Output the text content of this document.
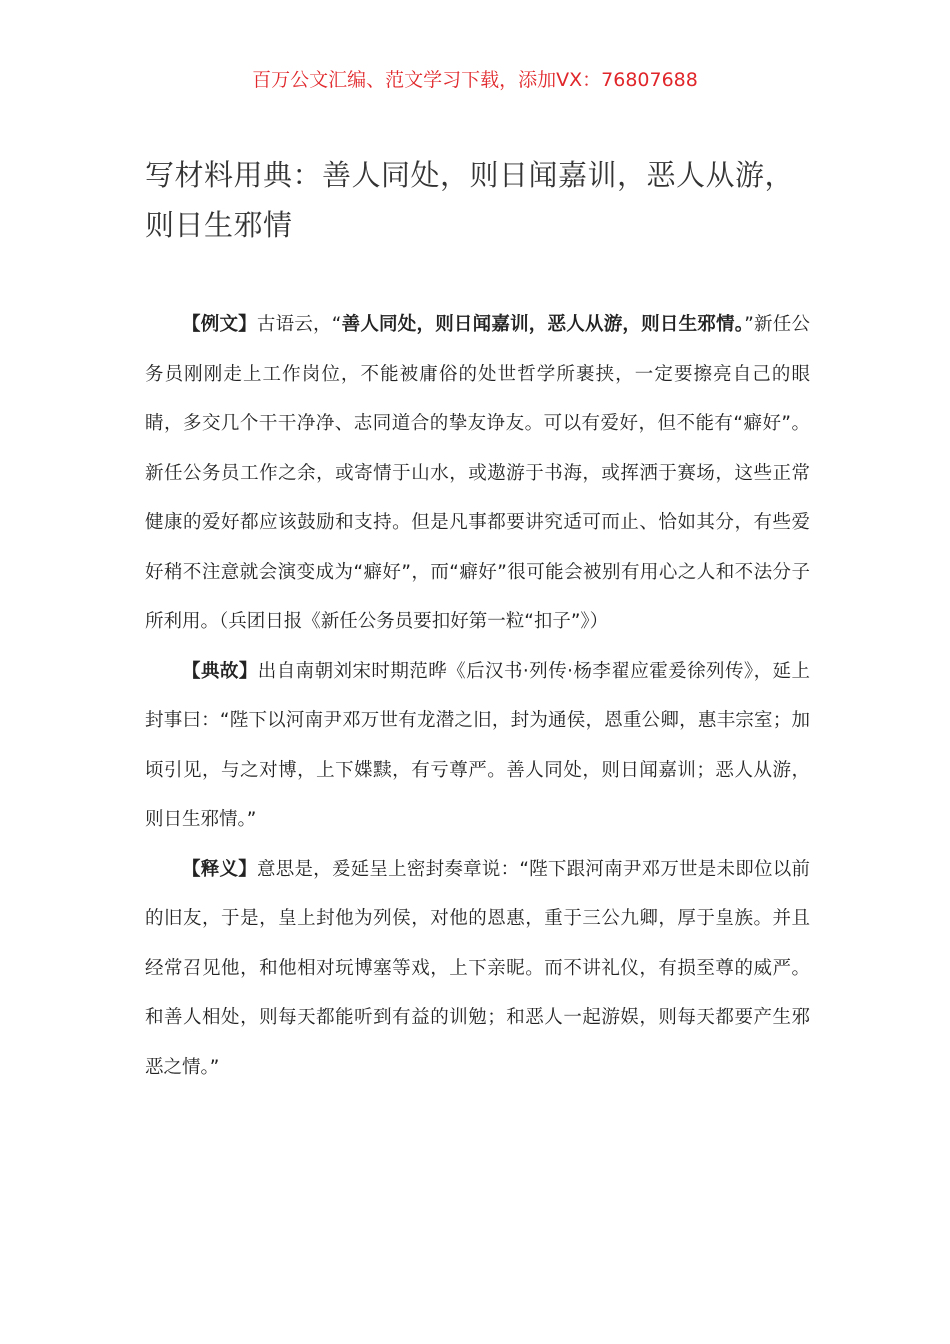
百万公文汇编、范文学习下载，添加VX：76807688
写材料用典：善人同处，则日闻嘉训，恶人从游，则日生邪情

【例文】古语云，“善人同处，则日闻嘉训，恶人从游，则日生邪情。”新任公务员刚刚走上工作岗位，不能被庸俗的处世哲学所裹挟，一定要擦亮自己的眼睛，多交几个干干净净、志同道合的挚友诤友。可以有爱好，但不能有“癖好”。新任公务员工作之余，或寄情于山水，或遨游于书海，或挥洒于赛场，这些正常健康的爱好都应该鼓励和支持。但是凡事都要讲究适可而止、恰如其分，有些爱好稍不注意就会演变成为“癖好”，而“癖好”很可能会被别有用心之人和不法分子所利用。（兵团日报《新任公务员要扣好第一粒“扣子”》）

【典故】出自南朝刘宋时期范晔《后汉书·列传·杨李翟应霍爰徐列传》，延上封事曰：“陛下以河南尹邓万世有龙潜之旧，封为通侯，恩重公卿，惠丰宗室；加顷引见，与之对博，上下媟黩，有亏尊严。善人同处，则日闻嘉训；恶人从游，则日生邪情。”

【释义】意思是，爰延呈上密封奏章说：“陛下跟河南尹邓万世是未即位以前的旧友，于是，皇上封他为列侯，对他的恩惠，重于三公九卿，厚于皇族。并且经常召见他，和他相对玩博塞等戏，上下亲昵。而不讲礼仪，有损至尊的威严。和善人相处，则每天都能听到有益的训勉；和恶人一起游娱，则每天都要产生邪恶之情。”
